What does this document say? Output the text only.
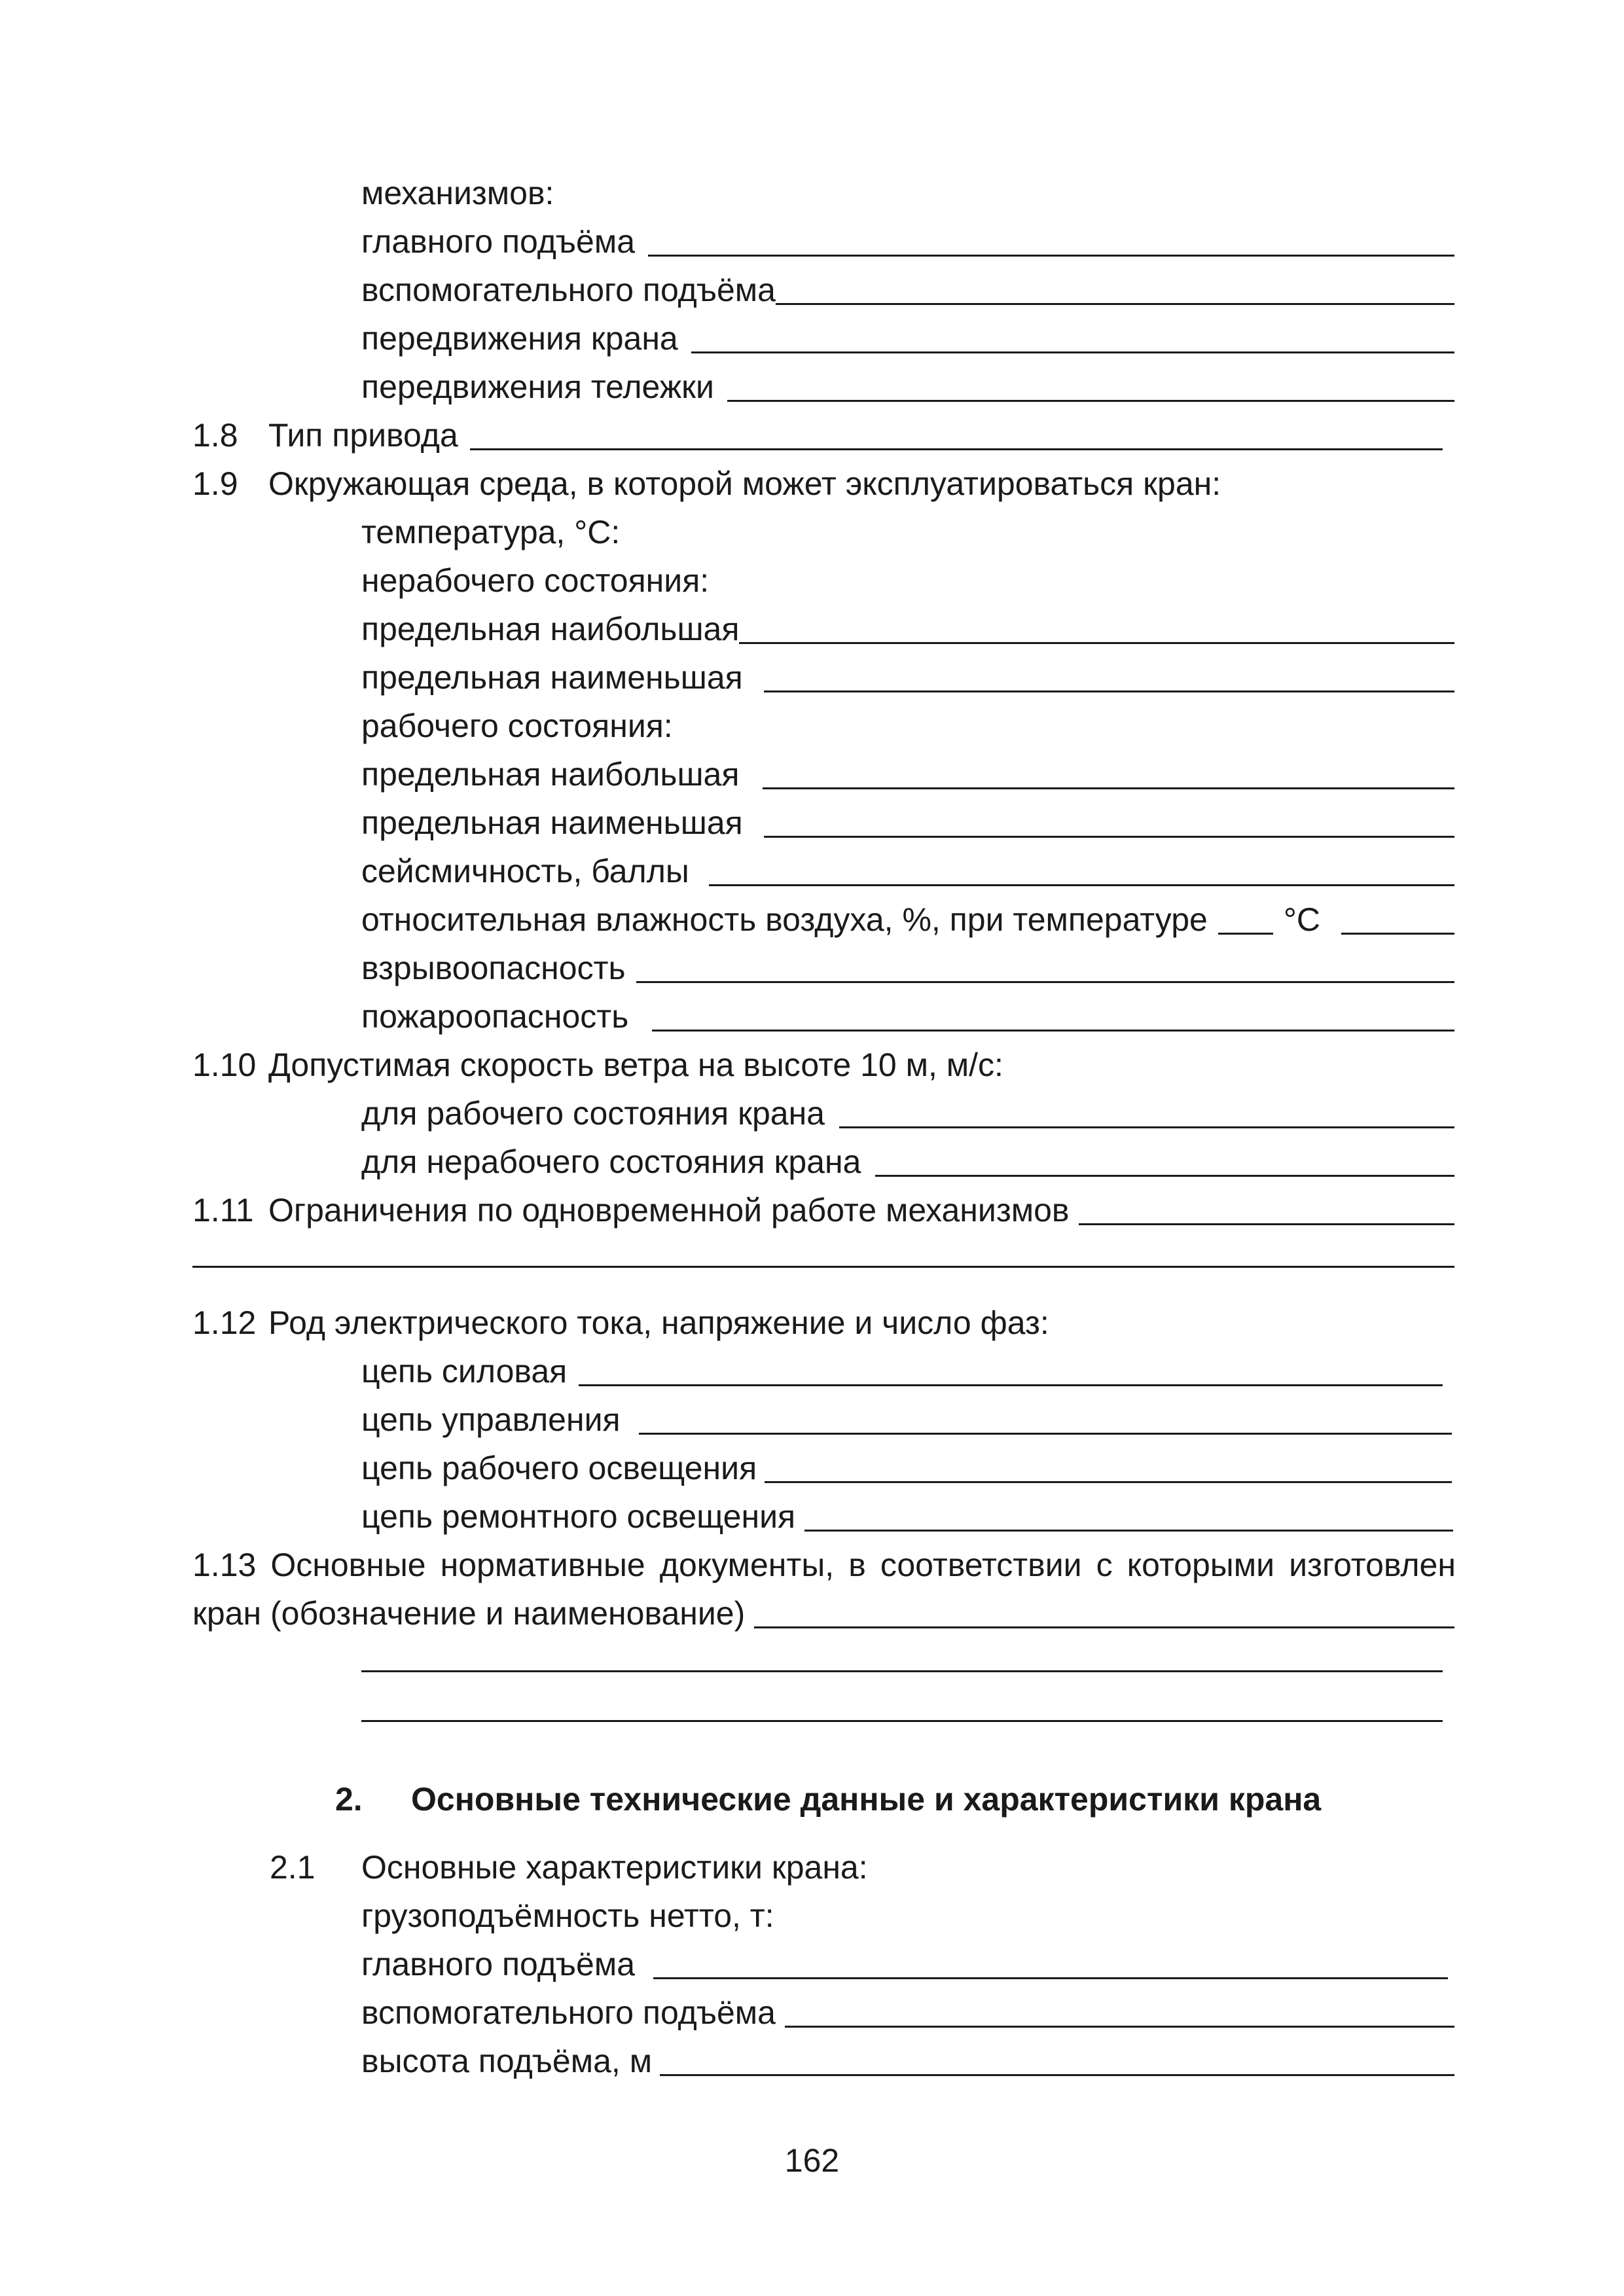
механизмов:
главного подъёма
вспомогательного подъёма
передвижения крана
передвижения тележки
1.8 Тип привода
1.9 Окружающая среда, в которой может эксплуатироваться кран:
температура, °С:
нерабочего состояния:
предельная наибольшая
предельная наименьшая
рабочего состояния:
предельная наибольшая
предельная наименьшая
сейсмичность, баллы
относительная влажность воздуха, %, при температуре °С
взрывоопасность
пожароопасность
1.10 Допустимая скорость ветра на высоте 10 м, м/с:
для рабочего состояния крана
для нерабочего состояния крана
1.11 Ограничения по одновременной работе механизмов
1.12 Род электрического тока, напряжение и число фаз:
цепь силовая
цепь управления
цепь рабочего освещения
цепь ремонтного освещения
1.13 Основные нормативные документы, в соответствии с которыми изготовлен
кран (обозначение и наименование)
2.	Основные технические данные и характеристики крана
2.1	Основные характеристики крана:
грузоподъёмность нетто, т:
главного подъёма
вспомогательного подъёма
высота подъёма, м
162
